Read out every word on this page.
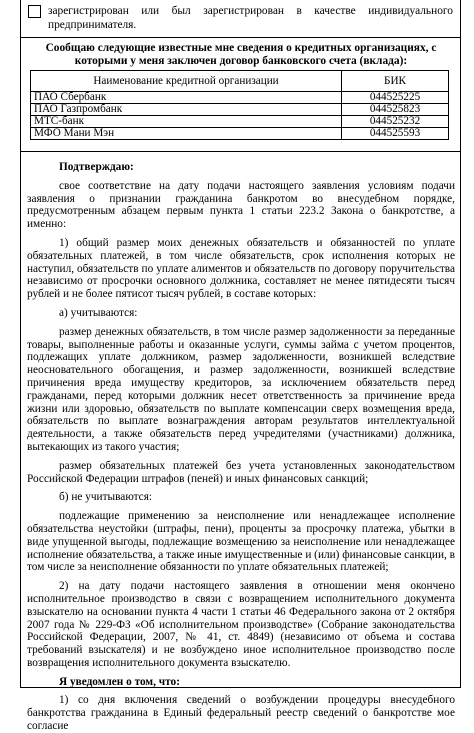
зарегистрирован или был зарегистрирован в качестве индивидуального
предпринимателя.
Сообщаю следующие известные мне сведения о кредитных организациях, с которыми у меня заключен договор банковского счета (вклада):
Наименование кредитной организации	БИК
ПАО Сбербанк	044525225
ПАО Газпромбанк	044525823
МТС-банк	044525232
МФО Мани Мэн	044525593

Подтверждаю:

свое соответствие на дату подачи настоящего заявления условиям подачи заявления о признании гражданина банкротом во внесудебном порядке, предусмотренным абзацем первым пункта 1 статьи 223.2 Закона о банкротстве, а именно:

1) общий размер моих денежных обязательств и обязанностей по уплате обязательных платежей, в том числе обязательств, срок исполнения которых не наступил, обязательств по уплате алиментов и обязательств по договору поручительства независимо от просрочки основного должника, составляет не менее пятидесяти тысяч рублей и не более пятисот тысяч рублей, в составе которых:

а) учитываются:

размер денежных обязательств, в том числе размер задолженности за переданные товары, выполненные работы и оказанные услуги, суммы займа с учетом процентов, подлежащих уплате должником, размер задолженности, возникшей вследствие неосновательного обогащения, и размер задолженности, возникшей вследствие причинения вреда имуществу кредиторов, за исключением обязательств перед гражданами, перед которыми должник несет ответственность за причинение вреда жизни или здоровью, обязательств по выплате компенсации сверх возмещения вреда, обязательств по выплате вознаграждения авторам результатов интеллектуальной деятельности, а также обязательств перед учредителями (участниками) должника, вытекающих из такого участия;

размер обязательных платежей без учета установленных законодательством Российской Федерации штрафов (пеней) и иных финансовых санкций;

б) не учитываются:

подлежащие применению за неисполнение или ненадлежащее исполнение обязательства неустойки (штрафы, пени), проценты за просрочку платежа, убытки в виде упущенной выгоды, подлежащие возмещению за неисполнение или ненадлежащее исполнение обязательства, а также иные имущественные и (или) финансовые санкции, в том числе за неисполнение обязанности по уплате обязательных платежей;

2) на дату подачи настоящего заявления в отношении меня окончено исполнительное производство в связи с возвращением исполнительного документа взыскателю на основании пункта 4 части 1 статьи 46 Федерального закона от 2 октября 2007 года № 229-ФЗ «Об исполнительном производстве» (Собрание законодательства Российской Федерации, 2007, № 41, ст. 4849) (независимо от объема и состава требований взыскателя) и не возбуждено иное исполнительное производство после возвращения исполнительного документа взыскателю.

Я уведомлен о том, что:

1) со дня включения сведений о возбуждении процедуры внесудебного банкротства гражданина в Единый федеральный реестр сведений о банкротстве мое согласие
